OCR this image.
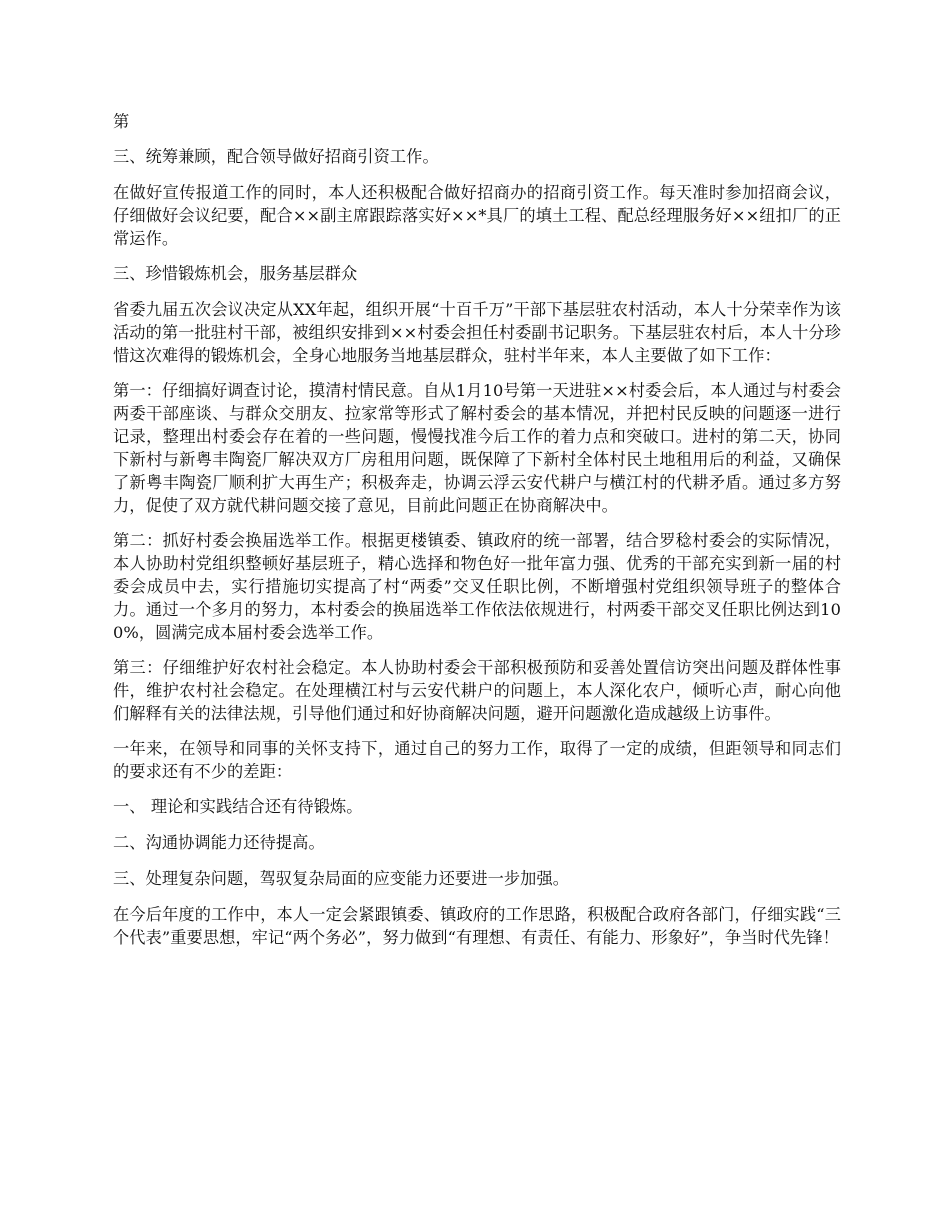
第

三、统筹兼顾，配合领导做好招商引资工作。

在做好宣传报道工作的同时，本人还积极配合做好招商办的招商引资工作。每天准时参加招商会议，仔细做好会议纪要，配合××副主席跟踪落实好××*具厂的填土工程、配总经理服务好××纽扣厂的正常运作。

三、珍惜锻炼机会，服务基层群众

省委九届五次会议决定从XX年起，组织开展“十百千万”干部下基层驻农村活动，本人十分荣幸作为该活动的第一批驻村干部，被组织安排到××村委会担任村委副书记职务。下基层驻农村后，本人十分珍惜这次难得的锻炼机会，全身心地服务当地基层群众，驻村半年来，本人主要做了如下工作：

第一：仔细搞好调查讨论，摸清村情民意。自从1月10号第一天进驻××村委会后，本人通过与村委会两委干部座谈、与群众交朋友、拉家常等形式了解村委会的基本情况，并把村民反映的问题逐一进行记录，整理出村委会存在着的一些问题，慢慢找准今后工作的着力点和突破口。进村的第二天，协同下新村与新粤丰陶瓷厂解决双方厂房租用问题，既保障了下新村全体村民土地租用后的利益，又确保了新粤丰陶瓷厂顺利扩大再生产；积极奔走，协调云浮云安代耕户与横江村的代耕矛盾。通过多方努力，促使了双方就代耕问题交接了意见，目前此问题正在协商解决中。

第二：抓好村委会换届选举工作。根据更楼镇委、镇政府的统一部署，结合罗稔村委会的实际情况，本人协助村党组织整顿好基层班子，精心选择和物色好一批年富力强、优秀的干部充实到新一届的村委会成员中去，实行措施切实提高了村“两委”交叉任职比例，不断增强村党组织领导班子的整体合力。通过一个多月的努力，本村委会的换届选举工作依法依规进行，村两委干部交叉任职比例达到100%，圆满完成本届村委会选举工作。

第三：仔细维护好农村社会稳定。本人协助村委会干部积极预防和妥善处置信访突出问题及群体性事件，维护农村社会稳定。在处理横江村与云安代耕户的问题上，本人深化农户，倾听心声，耐心向他们解释有关的法律法规，引导他们通过和好协商解决问题，避开问题激化造成越级上访事件。

一年来，在领导和同事的关怀支持下，通过自己的努力工作，取得了一定的成绩，但距领导和同志们的要求还有不少的差距：

一、 理论和实践结合还有待锻炼。

二、沟通协调能力还待提高。

三、处理复杂问题，驾驭复杂局面的应变能力还要进一步加强。

在今后年度的工作中，本人一定会紧跟镇委、镇政府的工作思路，积极配合政府各部门，仔细实践“三个代表”重要思想，牢记“两个务必”，努力做到“有理想、有责任、有能力、形象好”，争当时代先锋！
